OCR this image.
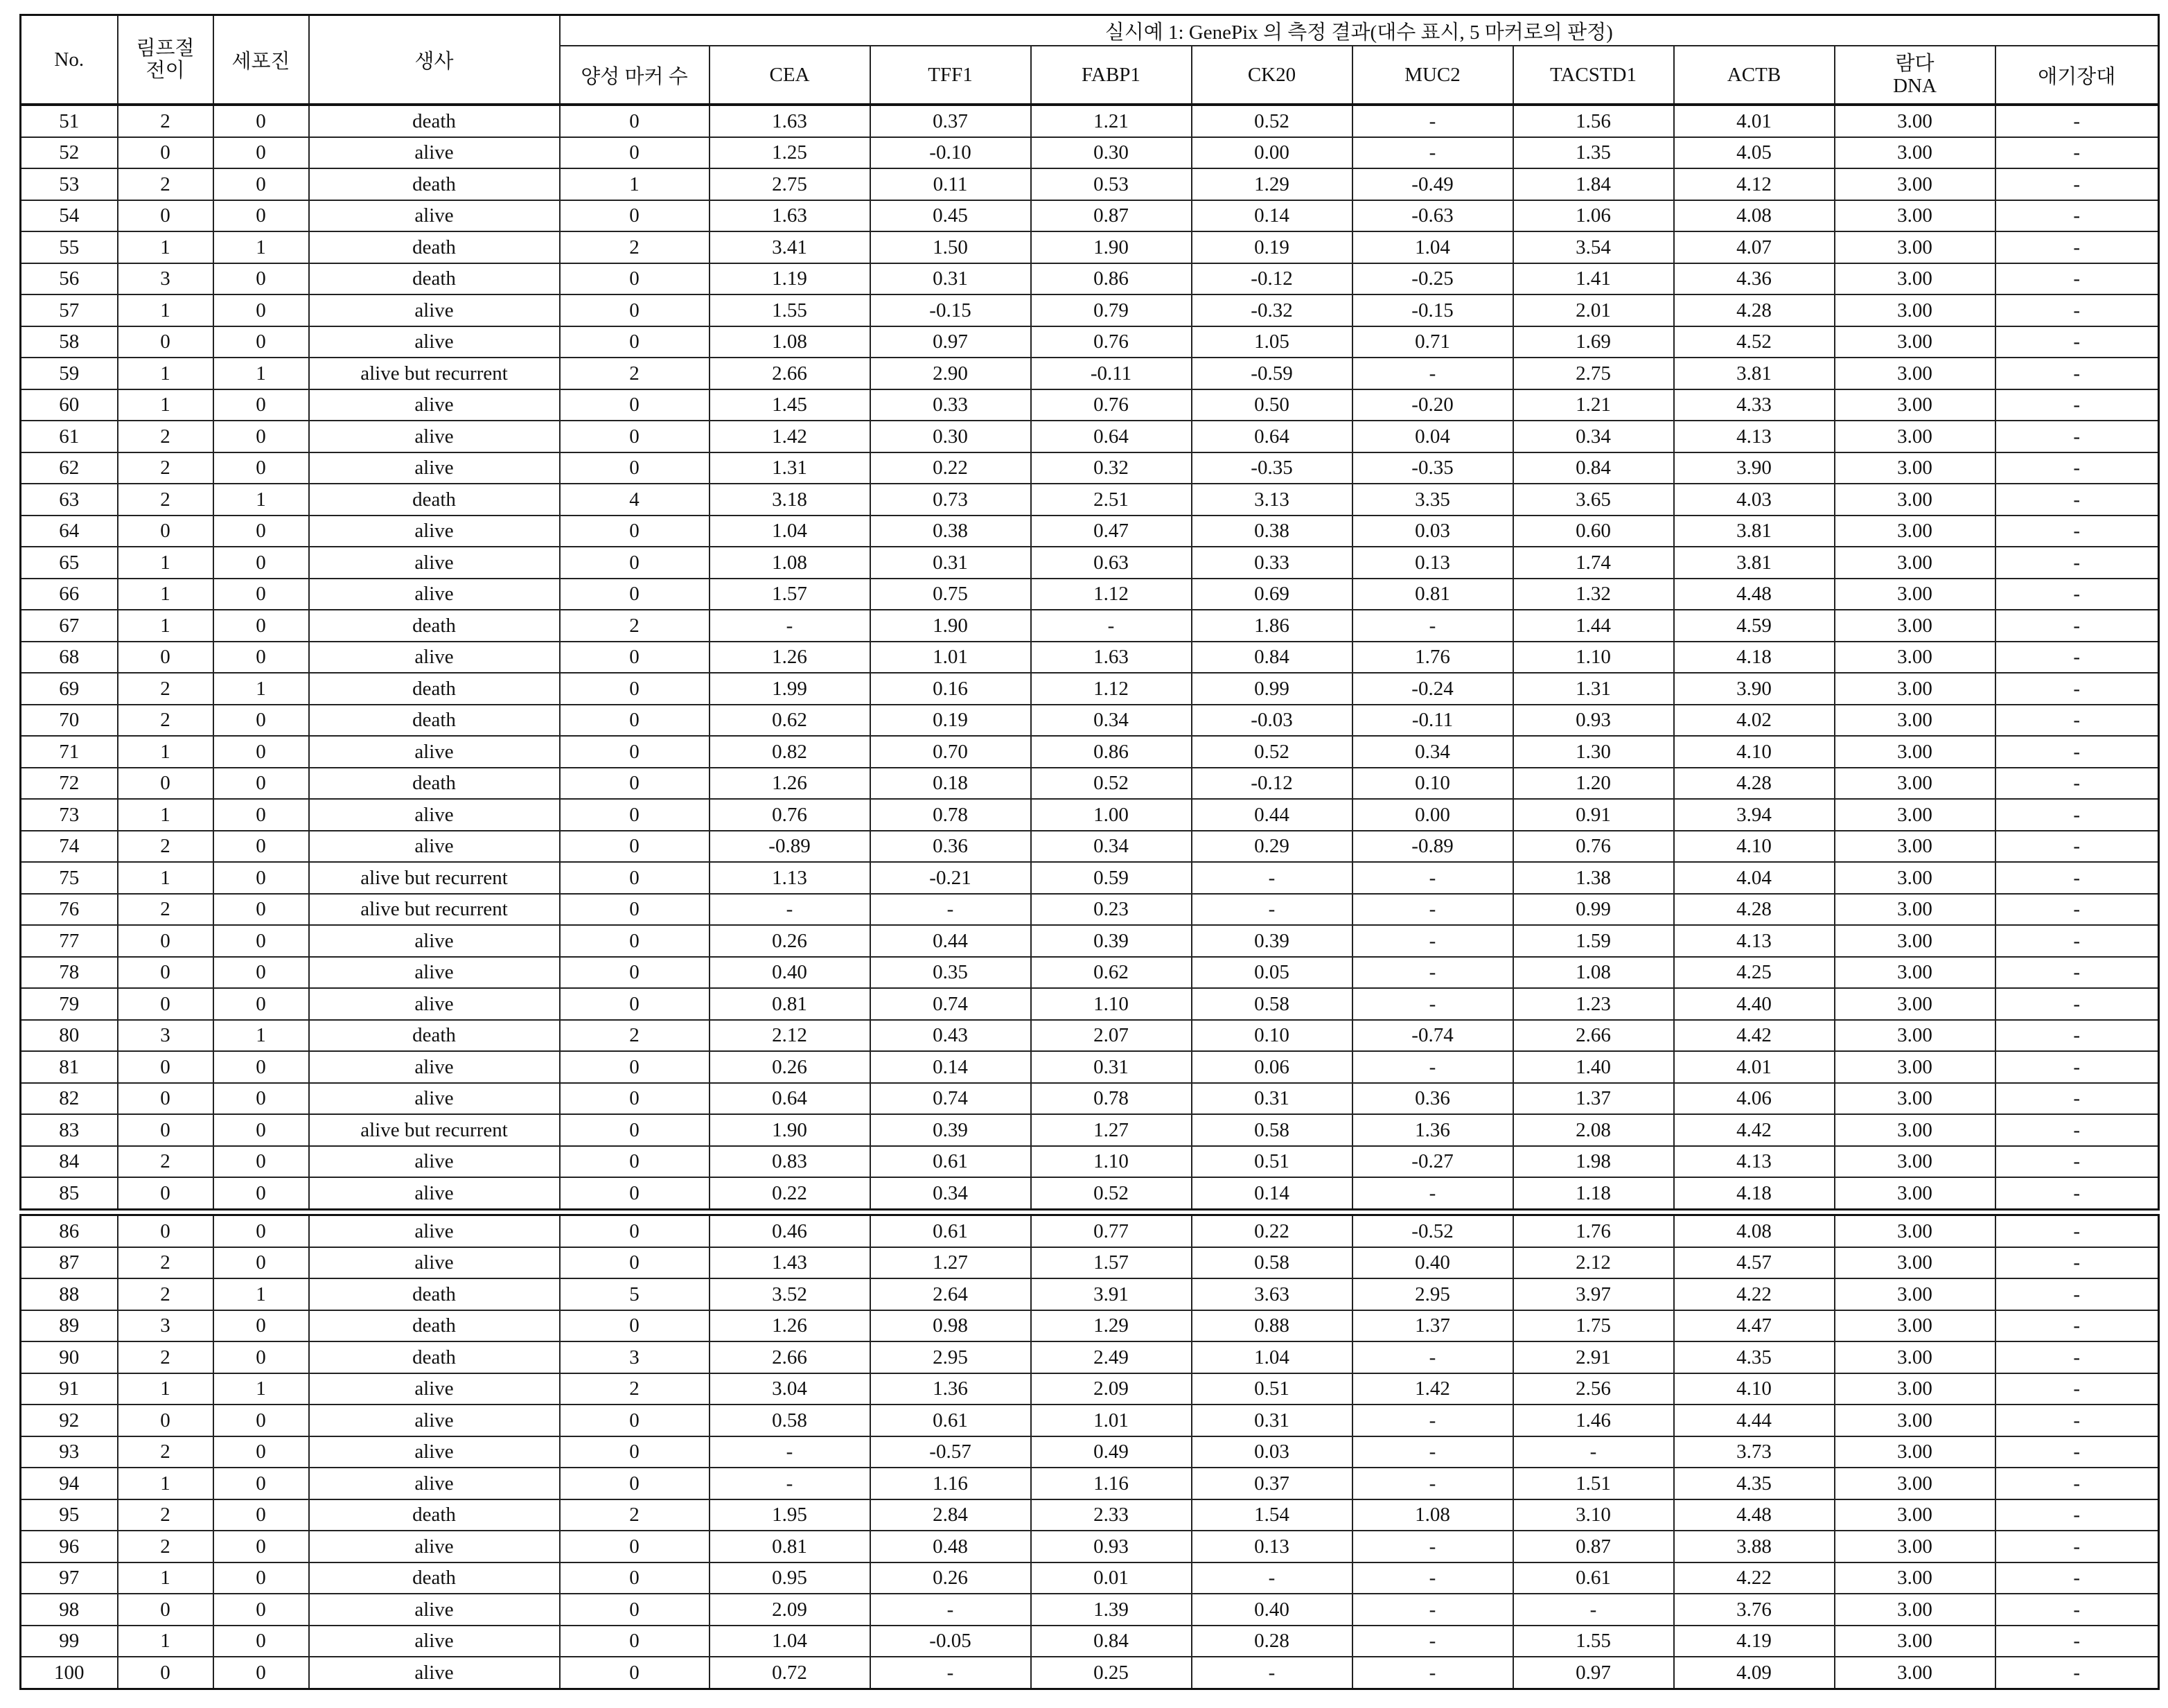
No.	림프절
전이	세포진	생사	실시예 1: GenePix 의 측정 결과(대수 표시, 5 마커로의 판정)
양성 마커 수	CEA	TFF1	FABP1	CK20	MUC2	TACSTD1	ACTB	람다
DNA	애기장대
51	2	0	death	0	1.63	0.37	1.21	0.52	-	1.56	4.01	3.00	-
52	0	0	alive	0	1.25	-0.10	0.30	0.00	-	1.35	4.05	3.00	-
53	2	0	death	1	2.75	0.11	0.53	1.29	-0.49	1.84	4.12	3.00	-
54	0	0	alive	0	1.63	0.45	0.87	0.14	-0.63	1.06	4.08	3.00	-
55	1	1	death	2	3.41	1.50	1.90	0.19	1.04	3.54	4.07	3.00	-
56	3	0	death	0	1.19	0.31	0.86	-0.12	-0.25	1.41	4.36	3.00	-
57	1	0	alive	0	1.55	-0.15	0.79	-0.32	-0.15	2.01	4.28	3.00	-
58	0	0	alive	0	1.08	0.97	0.76	1.05	0.71	1.69	4.52	3.00	-
59	1	1	alive but recurrent	2	2.66	2.90	-0.11	-0.59	-	2.75	3.81	3.00	-
60	1	0	alive	0	1.45	0.33	0.76	0.50	-0.20	1.21	4.33	3.00	-
61	2	0	alive	0	1.42	0.30	0.64	0.64	0.04	0.34	4.13	3.00	-
62	2	0	alive	0	1.31	0.22	0.32	-0.35	-0.35	0.84	3.90	3.00	-
63	2	1	death	4	3.18	0.73	2.51	3.13	3.35	3.65	4.03	3.00	-
64	0	0	alive	0	1.04	0.38	0.47	0.38	0.03	0.60	3.81	3.00	-
65	1	0	alive	0	1.08	0.31	0.63	0.33	0.13	1.74	3.81	3.00	-
66	1	0	alive	0	1.57	0.75	1.12	0.69	0.81	1.32	4.48	3.00	-
67	1	0	death	2	-	1.90	-	1.86	-	1.44	4.59	3.00	-
68	0	0	alive	0	1.26	1.01	1.63	0.84	1.76	1.10	4.18	3.00	-
69	2	1	death	0	1.99	0.16	1.12	0.99	-0.24	1.31	3.90	3.00	-
70	2	0	death	0	0.62	0.19	0.34	-0.03	-0.11	0.93	4.02	3.00	-
71	1	0	alive	0	0.82	0.70	0.86	0.52	0.34	1.30	4.10	3.00	-
72	0	0	death	0	1.26	0.18	0.52	-0.12	0.10	1.20	4.28	3.00	-
73	1	0	alive	0	0.76	0.78	1.00	0.44	0.00	0.91	3.94	3.00	-
74	2	0	alive	0	-0.89	0.36	0.34	0.29	-0.89	0.76	4.10	3.00	-
75	1	0	alive but recurrent	0	1.13	-0.21	0.59	-	-	1.38	4.04	3.00	-
76	2	0	alive but recurrent	0	-	-	0.23	-	-	0.99	4.28	3.00	-
77	0	0	alive	0	0.26	0.44	0.39	0.39	-	1.59	4.13	3.00	-
78	0	0	alive	0	0.40	0.35	0.62	0.05	-	1.08	4.25	3.00	-
79	0	0	alive	0	0.81	0.74	1.10	0.58	-	1.23	4.40	3.00	-
80	3	1	death	2	2.12	0.43	2.07	0.10	-0.74	2.66	4.42	3.00	-
81	0	0	alive	0	0.26	0.14	0.31	0.06	-	1.40	4.01	3.00	-
82	0	0	alive	0	0.64	0.74	0.78	0.31	0.36	1.37	4.06	3.00	-
83	0	0	alive but recurrent	0	1.90	0.39	1.27	0.58	1.36	2.08	4.42	3.00	-
84	2	0	alive	0	0.83	0.61	1.10	0.51	-0.27	1.98	4.13	3.00	-
85	0	0	alive	0	0.22	0.34	0.52	0.14	-	1.18	4.18	3.00	-
86	0	0	alive	0	0.46	0.61	0.77	0.22	-0.52	1.76	4.08	3.00	-
87	2	0	alive	0	1.43	1.27	1.57	0.58	0.40	2.12	4.57	3.00	-
88	2	1	death	5	3.52	2.64	3.91	3.63	2.95	3.97	4.22	3.00	-
89	3	0	death	0	1.26	0.98	1.29	0.88	1.37	1.75	4.47	3.00	-
90	2	0	death	3	2.66	2.95	2.49	1.04	-	2.91	4.35	3.00	-
91	1	1	alive	2	3.04	1.36	2.09	0.51	1.42	2.56	4.10	3.00	-
92	0	0	alive	0	0.58	0.61	1.01	0.31	-	1.46	4.44	3.00	-
93	2	0	alive	0	-	-0.57	0.49	0.03	-	-	3.73	3.00	-
94	1	0	alive	0	-	1.16	1.16	0.37	-	1.51	4.35	3.00	-
95	2	0	death	2	1.95	2.84	2.33	1.54	1.08	3.10	4.48	3.00	-
96	2	0	alive	0	0.81	0.48	0.93	0.13	-	0.87	3.88	3.00	-
97	1	0	death	0	0.95	0.26	0.01	-	-	0.61	4.22	3.00	-
98	0	0	alive	0	2.09	-	1.39	0.40	-	-	3.76	3.00	-
99	1	0	alive	0	1.04	-0.05	0.84	0.28	-	1.55	4.19	3.00	-
100	0	0	alive	0	0.72	-	0.25	-	-	0.97	4.09	3.00	-
